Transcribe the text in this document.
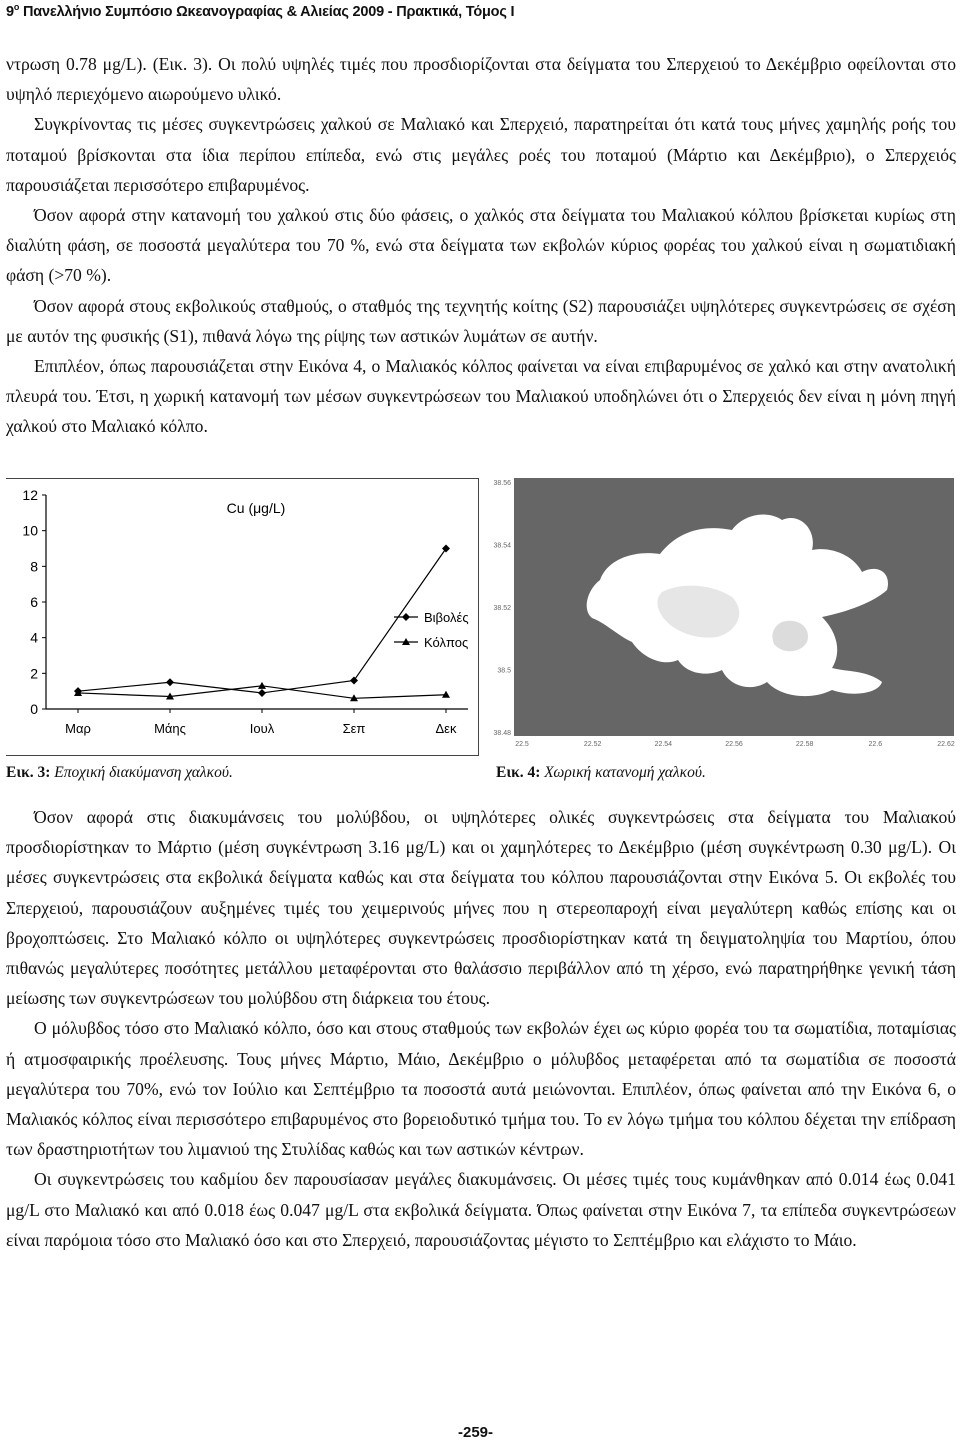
$9^o$ Πανελλήνιο Συμπόσιο Ωκεανογραφίας & Αλιείας 2009 - Πρακτικά, Τόμος Ι

ντρωση 0.78 μg/L). (Εικ. 3). Οι πολύ υψηλές τιμές που προσδιορίζονται στα δείγματα του Σπερχειού το Δεκέμβριο οφείλονται στο υψηλό περιεχόμενο αιωρούμενο υλικό.

Συγκρίνοντας τις μέσες συγκεντρώσεις χαλκού σε Μαλιακό και Σπερχειό, παρατηρείται ότι κατά τους μήνες χαμηλής ροής του ποταμού βρίσκονται στα ίδια περίπου επίπεδα, ενώ στις μεγάλες ροές του ποταμού (Μάρτιο και Δεκέμβριο), ο Σπερχειός παρουσιάζεται περισσότερο επιβαρυμένος.

Όσον αφορά στην κατανομή του χαλκού στις δύο φάσεις, ο χαλκός στα δείγματα του Μαλιακού κόλπου βρίσκεται κυρίως στη διαλύτη φάση, σε ποσοστά μεγαλύτερα του 70 %, ενώ στα δείγματα των εκβολών κύριος φορέας του χαλκού είναι η σωματιδιακή φάση (>70 %).

Όσον αφορά στους εκβολικούς σταθμούς, ο σταθμός της τεχνητής κοίτης (S2) παρουσιάζει υψηλότερες συγκεντρώσεις σε σχέση με αυτόν της φυσικής (S1), πιθανά λόγω της ρίψης των αστικών λυμάτων σε αυτήν.

Επιπλέον, όπως παρουσιάζεται στην Εικόνα 4, ο Μαλιακός κόλπος φαίνεται να είναι επιβαρυμένος σε χαλκό και στην ανατολική πλευρά του. Έτσι, η χωρική κατανομή των μέσων συγκεντρώσεων του Μαλιακού υποδηλώνει ότι ο Σπερχειός δεν είναι η μόνη πηγή χαλκού στο Μαλιακό κόλπο.

0
2
4
6
8
10
12
Μαρ	Μάης	Ιουλ	Σεπ	Δεκ
Cu (μg/L)
Βιβολές
Κόλπος
38.56
38.54
38.52
38.5
38.48
22.5	22.52	22.54	22.56	22.58	22.6	22.62
Εικ. 3: Εποχική διακύμανση χαλκού.	Εικ. 4: Χωρική κατανομή χαλκού.

Όσον αφορά στις διακυμάνσεις του μολύβδου, οι υψηλότερες ολικές συγκεντρώσεις στα δείγματα του Μαλιακού προσδιορίστηκαν το Μάρτιο (μέση συγκέντρωση 3.16 μg/L) και οι χαμηλότερες το Δεκέμβριο (μέση συγκέντρωση 0.30 μg/L). Οι μέσες συγκεντρώσεις στα εκβολικά δείγματα καθώς και στα δείγματα του κόλπου παρουσιάζονται στην Εικόνα 5. Οι εκβολές του Σπερχειού, παρουσιάζουν αυξημένες τιμές του χειμερινούς μήνες που η στερεοπαροχή είναι μεγαλύτερη καθώς επίσης και οι βροχοπτώσεις. Στο Μαλιακό κόλπο οι υψηλότερες συγκεντρώσεις προσδιορίστηκαν κατά τη δειγματοληψία του Μαρτίου, όπου πιθανώς μεγαλύτερες ποσότητες μετάλλου μεταφέρονται στο θαλάσσιο περιβάλλον από τη χέρσο, ενώ παρατηρήθηκε γενική τάση μείωσης των συγκεντρώσεων του μολύβδου στη διάρκεια του έτους.

Ο μόλυβδος τόσο στο Μαλιακό κόλπο, όσο και στους σταθμούς των εκβολών έχει ως κύριο φορέα του τα σωματίδια, ποταμίσιας ή ατμοσφαιρικής προέλευσης. Τους μήνες Μάρτιο, Μάιο, Δεκέμβριο ο μόλυβδος μεταφέρεται από τα σωματίδια σε ποσοστά μεγαλύτερα του 70%, ενώ τον Ιούλιο και Σεπτέμβριο τα ποσοστά αυτά μειώνονται. Επιπλέον, όπως φαίνεται από την Εικόνα 6, ο Μαλιακός κόλπος είναι περισσότερο επιβαρυμένος στο βορειοδυτικό τμήμα του. Το εν λόγω τμήμα του κόλπου δέχεται την επίδραση των δραστηριοτήτων του λιμανιού της Στυλίδας καθώς και των αστικών κέντρων.

Οι συγκεντρώσεις του καδμίου δεν παρουσίασαν μεγάλες διακυμάνσεις. Οι μέσες τιμές τους κυμάνθηκαν από 0.014 έως 0.041 μg/L στο Μαλιακό και από 0.018 έως 0.047 μg/L στα εκβολικά δείγματα. Όπως φαίνεται στην Εικόνα 7, τα επίπεδα συγκεντρώσεων είναι παρόμοια τόσο στο Μαλιακό όσο και στο Σπερχειό, παρουσιάζοντας μέγιστο το Σεπτέμβριο και ελάχιστο το Μάιο.

-259-
